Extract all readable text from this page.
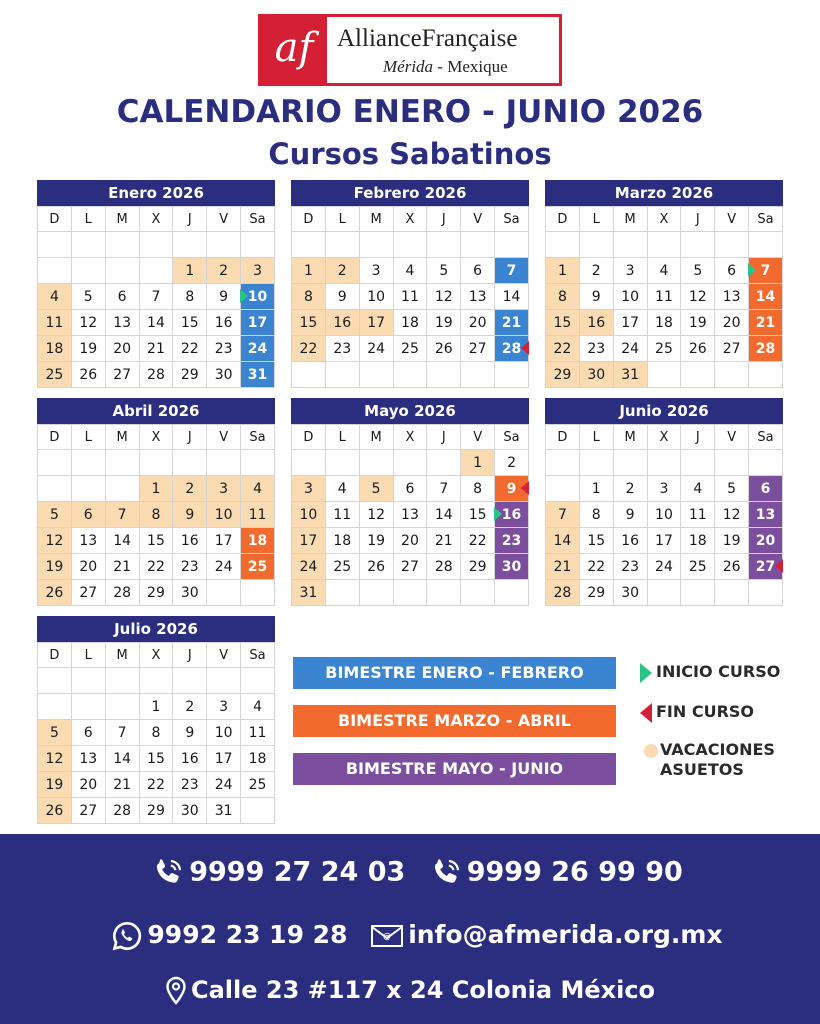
af AllianceFrançaise
Mérida - Mexique
CALENDARIO ENERO - JUNIO 2026
Cursos Sabatinos
Enero 2026
D	L	M	X	J	V	Sa

				1	2	3
4	5	6	7	8	9	10
11	12	13	14	15	16	17
18	19	20	21	22	23	24
25	26	27	28	29	30	31
Febrero 2026
D	L	M	X	J	V	Sa

1	2	3	4	5	6	7
8	9	10	11	12	13	14
15	16	17	18	19	20	21
22	23	24	25	26	27	28

Marzo 2026
D	L	M	X	J	V	Sa

1	2	3	4	5	6	7
8	9	10	11	12	13	14
15	16	17	18	19	20	21
22	23	24	25	26	27	28
29	30	31				
Abril 2026
D	L	M	X	J	V	Sa

			1	2	3	4
5	6	7	8	9	10	11
12	13	14	15	16	17	18
19	20	21	22	23	24	25
26	27	28	29	30		
Mayo 2026
D	L	M	X	J	V	Sa
					1	2
3	4	5	6	7	8	9
10	11	12	13	14	15	16
17	18	19	20	21	22	23
24	25	26	27	28	29	30
31						
Junio 2026
D	L	M	X	J	V	Sa

	1	2	3	4	5	6
7	8	9	10	11	12	13
14	15	16	17	18	19	20
21	22	23	24	25	26	27
28	29	30				
Julio 2026
D	L	M	X	J	V	Sa

			1	2	3	4
5	6	7	8	9	10	11
12	13	14	15	16	17	18
19	20	21	22	23	24	25
26	27	28	29	30	31	
BIMESTRE ENERO - FEBRERO
BIMESTRE MARZO - ABRIL
BIMESTRE MAYO - JUNIO
INICIO CURSO
FIN CURSO
VACACIONES
ASUETOS
9999 27 24 03 9999 26 99 90
9992 23 19 28	@ info@afmerida.org.mx
Calle 23 #117 x 24 Colonia México
